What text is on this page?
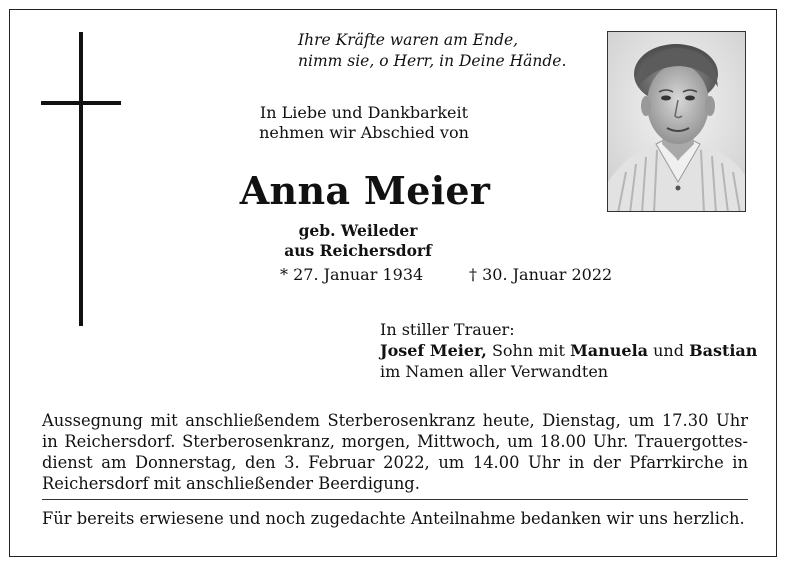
Ihre Kräfte waren am Ende,
nimm sie, o Herr, in Deine Hände.
In Liebe und Dankbarkeit
nehmen wir Abschied von
Anna Meier
geb. Weileder
aus Reichersdorf
* 27. Januar 1934	† 30. Januar 2022
In stiller Trauer:
Josef Meier, Sohn mit Manuela und Bastian
im Namen aller Verwandten
Aussegnung mit anschließendem Sterberosenkranz heute, Dienstag, um 17.30 Uhr
in Reichersdorf. Sterberosenkranz, morgen, Mittwoch, um 18.00 Uhr. Trauergottes-
dienst am Donnerstag, den 3. Februar 2022, um 14.00 Uhr in der Pfarrkirche in
Reichersdorf mit anschließender Beerdigung.
Für bereits erwiesene und noch zugedachte Anteilnahme bedanken wir uns herzlich.
